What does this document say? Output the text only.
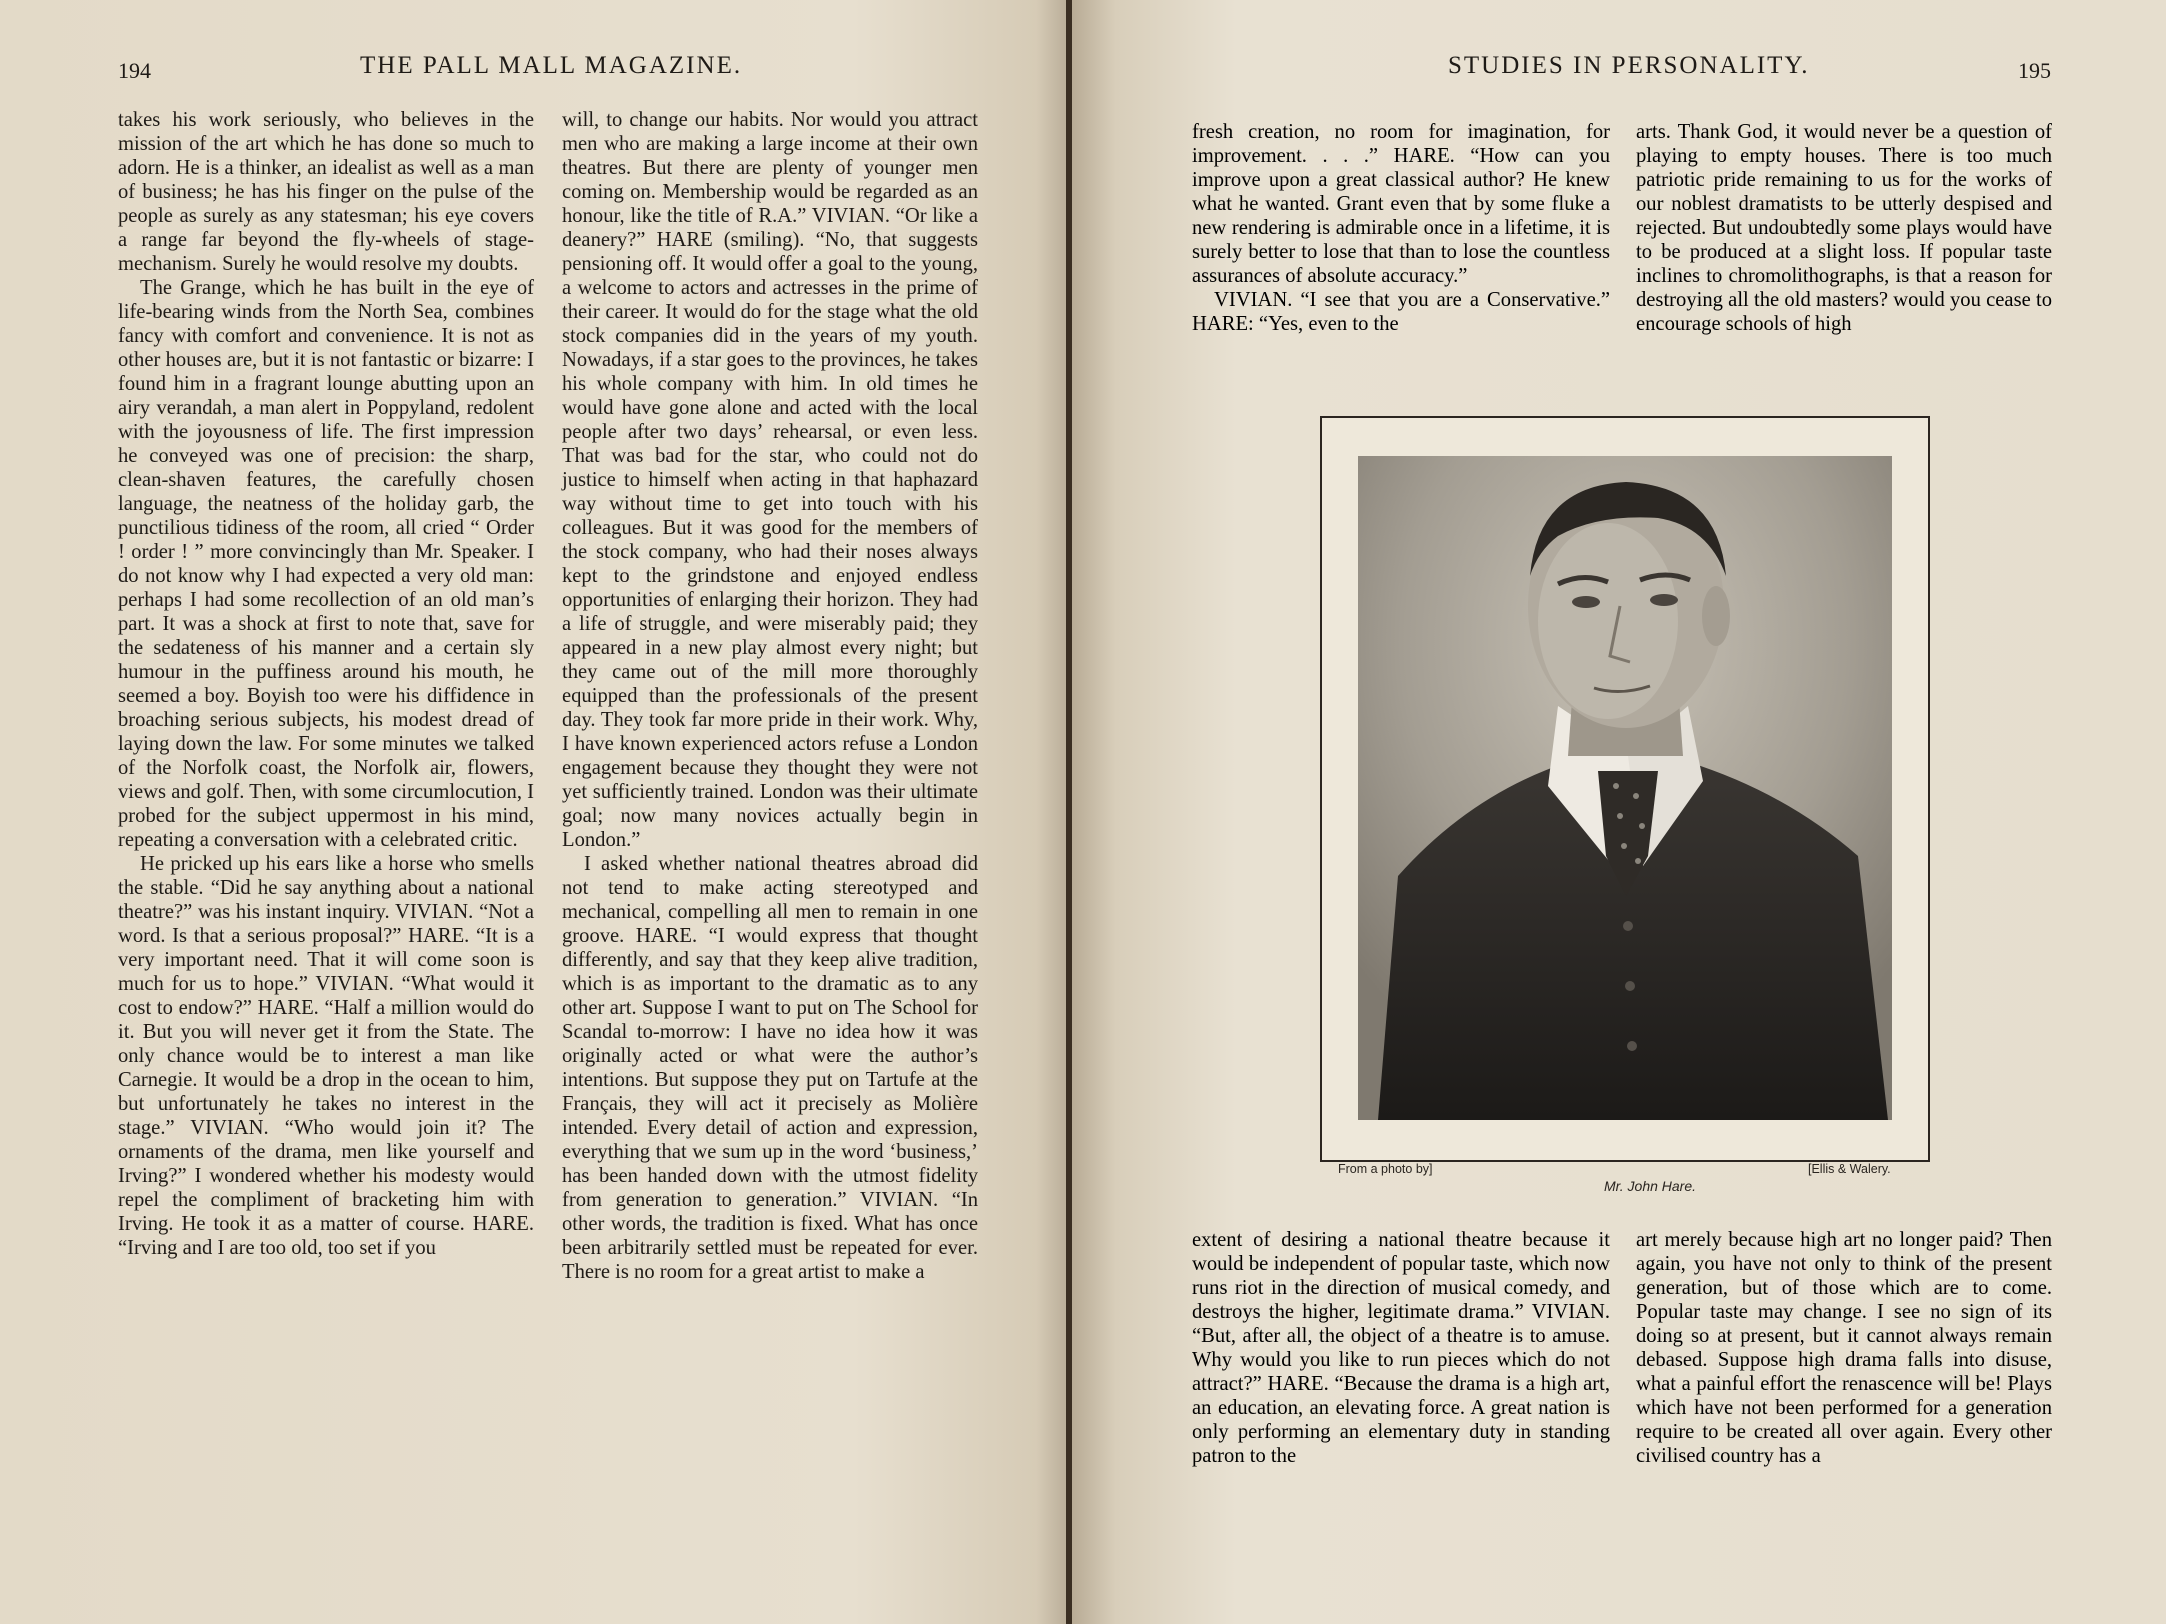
194	THE PALL MALL MAGAZINE.

takes his work seriously, who believes in the mission of the art which he has done so much to adorn. He is a thinker, an idealist as well as a man of business; he has his finger on the pulse of the people as surely as any statesman; his eye covers a range far beyond the fly-wheels of stage-mechanism. Surely he would resolve my doubts.

The Grange, which he has built in the eye of life-bearing winds from the North Sea, combines fancy with comfort and convenience. It is not as other houses are, but it is not fantastic or bizarre: I found him in a fragrant lounge abutting upon an airy verandah, a man alert in Poppyland, redolent with the joyousness of life. The first impression he conveyed was one of precision: the sharp, clean-shaven features, the carefully chosen language, the neatness of the holiday garb, the punctilious tidiness of the room, all cried “ Order ! order ! ” more convincingly than Mr. Speaker. I do not know why I had expected a very old man: perhaps I had some recollection of an old man’s part. It was a shock at first to note that, save for the sedateness of his manner and a certain sly humour in the puffiness around his mouth, he seemed a boy. Boyish too were his diffidence in broaching serious subjects, his modest dread of laying down the law. For some minutes we talked of the Norfolk coast, the Norfolk air, flowers, views and golf. Then, with some circumlocution, I probed for the subject uppermost in his mind, repeating a conversation with a celebrated critic.

He pricked up his ears like a horse who smells the stable. “Did he say anything about a national theatre?” was his instant inquiry. VIVIAN. “Not a word. Is that a serious proposal?” HARE. “It is a very important need. That it will come soon is much for us to hope.” VIVIAN. “What would it cost to endow?” HARE. “Half a million would do it. But you will never get it from the State. The only chance would be to interest a man like Carnegie. It would be a drop in the ocean to him, but unfortunately he takes no interest in the stage.” VIVIAN. “Who would join it? The ornaments of the drama, men like yourself and Irving?” I wondered whether his modesty would repel the compliment of bracketing him with Irving. He took it as a matter of course. HARE. “Irving and I are too old, too set if you

will, to change our habits. Nor would you attract men who are making a large income at their own theatres. But there are plenty of younger men coming on. Membership would be regarded as an honour, like the title of R.A.” VIVIAN. “Or like a deanery?” HARE (smiling). “No, that suggests pensioning off. It would offer a goal to the young, a welcome to actors and actresses in the prime of their career. It would do for the stage what the old stock companies did in the years of my youth. Nowadays, if a star goes to the provinces, he takes his whole company with him. In old times he would have gone alone and acted with the local people after two days’ rehearsal, or even less. That was bad for the star, who could not do justice to himself when acting in that haphazard way without time to get into touch with his colleagues. But it was good for the members of the stock company, who had their noses always kept to the grindstone and enjoyed endless opportunities of enlarging their horizon. They had a life of struggle, and were miserably paid; they appeared in a new play almost every night; but they came out of the mill more thoroughly equipped than the professionals of the present day. They took far more pride in their work. Why, I have known experienced actors refuse a London engagement because they thought they were not yet sufficiently trained. London was their ultimate goal; now many novices actually begin in London.”

I asked whether national theatres abroad did not tend to make acting stereotyped and mechanical, compelling all men to remain in one groove. HARE. “I would express that thought differently, and say that they keep alive tradition, which is as important to the dramatic as to any other art. Suppose I want to put on The School for Scandal to-morrow: I have no idea how it was originally acted or what were the author’s intentions. But suppose they put on Tartufe at the Français, they will act it precisely as Molière intended. Every detail of action and expression, everything that we sum up in the word ‘business,’ has been handed down with the utmost fidelity from generation to generation.” VIVIAN. “In other words, the tradition is fixed. What has once been arbitrarily settled must be repeated for ever. There is no room for a great artist to make a

STUDIES IN PERSONALITY.	195

fresh creation, no room for imagination, for improvement. . . .” HARE. “How can you improve upon a great classical author? He knew what he wanted. Grant even that by some fluke a new rendering is admirable once in a lifetime, it is surely better to lose that than to lose the countless assurances of absolute accuracy.”

VIVIAN. “I see that you are a Conservative.” HARE: “Yes, even to the

arts. Thank God, it would never be a question of playing to empty houses. There is too much patriotic pride remaining to us for the works of our noblest dramatists to be utterly despised and rejected. But undoubtedly some plays would have to be produced at a slight loss. If popular taste inclines to chromolithographs, is that a reason for destroying all the old masters? would you cease to encourage schools of high

From a photo by]	[Ellis & Walery.
Mr. John Hare.

extent of desiring a national theatre because it would be independent of popular taste, which now runs riot in the direction of musical comedy, and destroys the higher, legitimate drama.” VIVIAN. “But, after all, the object of a theatre is to amuse. Why would you like to run pieces which do not attract?” HARE. “Because the drama is a high art, an education, an elevating force. A great nation is only performing an elementary duty in standing patron to the

art merely because high art no longer paid? Then again, you have not only to think of the present generation, but of those which are to come. Popular taste may change. I see no sign of its doing so at present, but it cannot always remain debased. Suppose high drama falls into disuse, what a painful effort the renascence will be! Plays which have not been performed for a generation require to be created all over again. Every other civilised country has a
